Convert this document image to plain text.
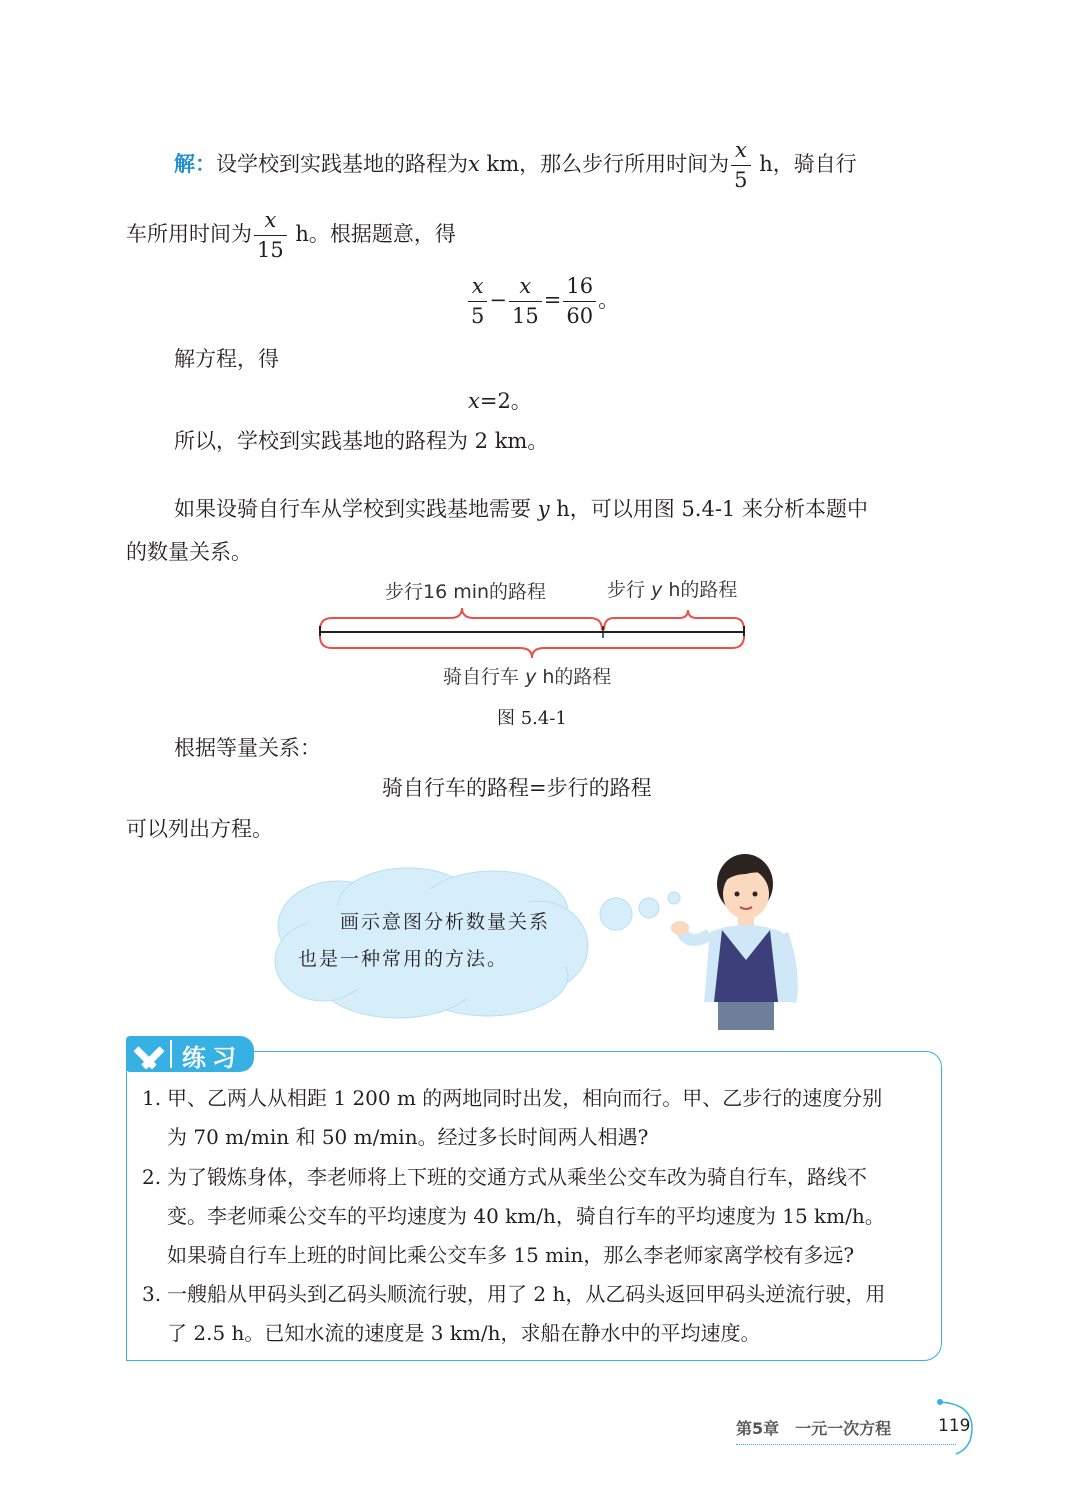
解：设学校到实践基地的路程为x km，那么步行所用时间为 $\frac{x}{5}$ h，骑自行
车所用时间为 $\frac{x}{15}$ h。根据题意，得
$\frac{x}{5} - \frac{x}{15} = \frac{16}{60}$ 。
解方程，得
x=2。
所以，学校到实践基地的路程为 2 km。
如果设骑自行车从学校到实践基地需要 y h，可以用图 5.4-1 来分析本题中
的数量关系。
步行16 min的路程	步行 y h的路程
骑自行车 y h的路程
图 5.4-1
根据等量关系：
骑自行车的路程=步行的路程
可以列出方程。
画示意图分析数量关系
也是一种常用的方法。
练习
1. 甲、乙两人从相距 1 200 m 的两地同时出发，相向而行。甲、乙步行的速度分别
为 70 m/min 和 50 m/min。经过多长时间两人相遇?
2. 为了锻炼身体，李老师将上下班的交通方式从乘坐公交车改为骑自行车，路线不
变。李老师乘公交车的平均速度为 40 km/h，骑自行车的平均速度为 15 km/h。
如果骑自行车上班的时间比乘公交车多 15 min，那么李老师家离学校有多远?
3. 一艘船从甲码头到乙码头顺流行驶，用了 2 h，从乙码头返回甲码头逆流行驶，用
了 2.5 h。已知水流的速度是 3 km/h，求船在静水中的平均速度。
第5章　一元一次方程	119
